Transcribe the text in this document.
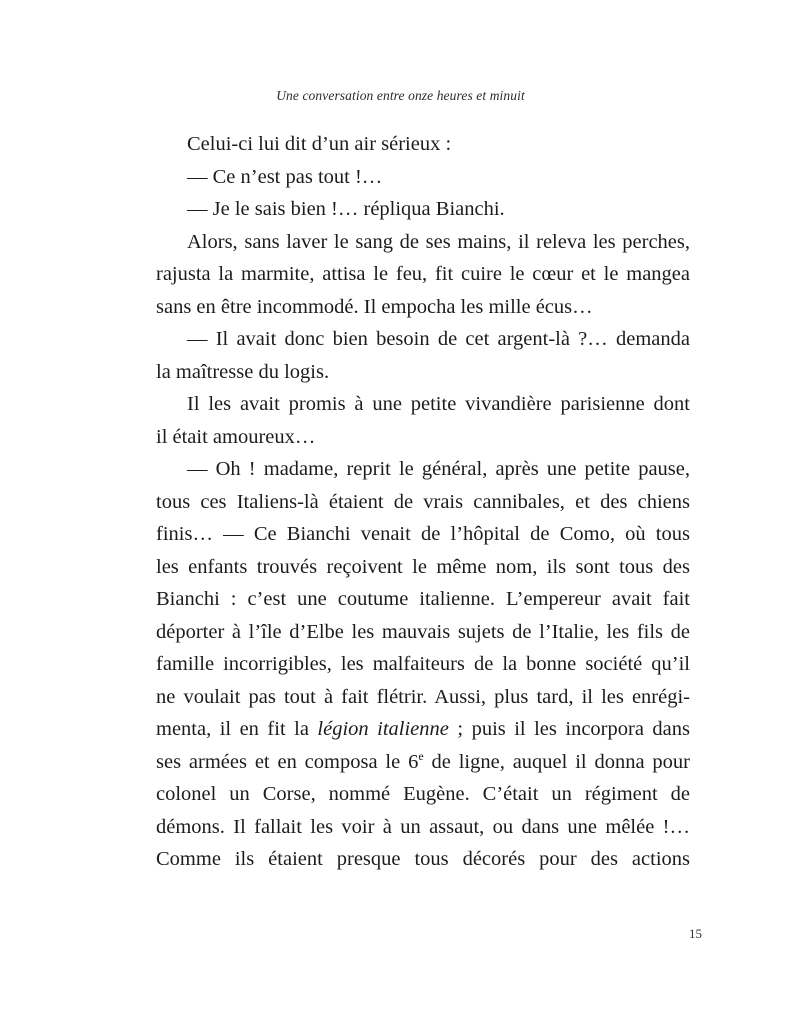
Une conversation entre onze heures et minuit
Celui-ci lui dit d’un air sérieux :
— Ce n’est pas tout !…
— Je le sais bien !… répliqua Bianchi.
Alors, sans laver le sang de ses mains, il releva les perches,
rajusta la marmite, attisa le feu, fit cuire le cœur et le mangea
sans en être incommodé. Il empocha les mille écus…
— Il avait donc bien besoin de cet argent-là ?… demanda
la maîtresse du logis.
Il les avait promis à une petite vivandière parisienne dont
il était amoureux…
— Oh ! madame, reprit le général, après une petite pause,
tous ces Italiens-là étaient de vrais cannibales, et des chiens
finis… — Ce Bianchi venait de l’hôpital de Como, où tous
les enfants trouvés reçoivent le même nom, ils sont tous des
Bianchi : c’est une coutume italienne. L’empereur avait fait
déporter à l’île d’Elbe les mauvais sujets de l’Italie, les fils de
famille incorrigibles, les malfaiteurs de la bonne société qu’il
ne voulait pas tout à fait flétrir. Aussi, plus tard, il les enrégi-
menta, il en fit la légion italienne ; puis il les incorpora dans
ses armées et en composa le 6e de ligne, auquel il donna pour
colonel un Corse, nommé Eugène. C’était un régiment de
démons. Il fallait les voir à un assaut, ou dans une mêlée !…
Comme ils étaient presque tous décorés pour des actions
15
